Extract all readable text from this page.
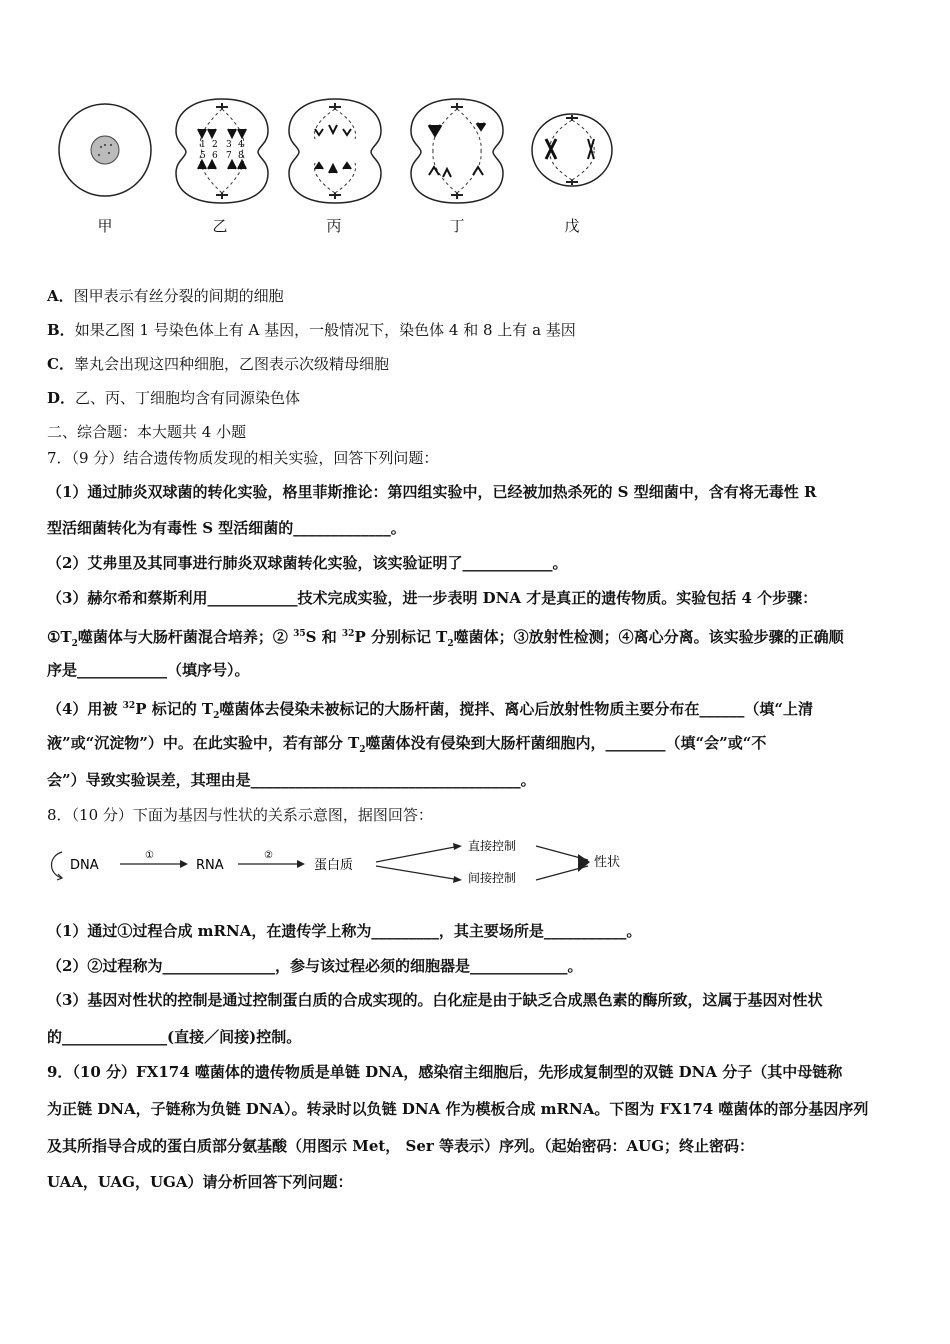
1 2 3 4
5 6 7 8
甲	乙	丙	丁	戊
A．图甲表示有丝分裂的间期的细胞
B．如果乙图 1 号染色体上有 A 基因，一般情况下，染色体 4 和 8 上有 a 基因
C．睾丸会出现这四种细胞，乙图表示次级精母细胞
D．乙、丙、丁细胞均含有同源染色体
二、综合题：本大题共 4 小题
7．（9 分）结合遗传物质发现的相关实验，回答下列问题：
（1）通过肺炎双球菌的转化实验，格里菲斯推论：第四组实验中，已经被加热杀死的 S 型细菌中，含有将无毒性 R
型活细菌转化为有毒性 S 型活细菌的_____________。
（2）艾弗里及其同事进行肺炎双球菌转化实验，该实验证明了____________。
（3）赫尔希和蔡斯利用____________技术完成实验，进一步表明 DNA 才是真正的遗传物质。实验包括 4 个步骤：
$①T_2$噬菌体与大肠杆菌混合培养；② $^{35}$S 和 $^{32}$P 分别标记 $T_2$噬菌体；③放射性检测；④离心分离。该实验步骤的正确顺
序是____________（填序号）。
（4）用被 $^{32}$P 标记的 $T_2$噬菌体去侵染未被标记的大肠杆菌，搅拌、离心后放射性物质主要分布在______（填“上清
液”或“沉淀物”）中。在此实验中，若有部分 $T_2$噬菌体没有侵染到大肠杆菌细胞内，________（填“会”或“不
会”）导致实验误差，其理由是____________________________________。
8．（10 分）下面为基因与性状的关系示意图，据图回答：
DNA
①
RNA
②
蛋白质
直接控制
间接控制
性状
（1）通过①过程合成 mRNA，在遗传学上称为_________，其主要场所是___________。
（2）②过程称为_______________，参与该过程必须的细胞器是_____________。
（3）基因对性状的控制是通过控制蛋白质的合成实现的。白化症是由于缺乏合成黑色素的酶所致，这属于基因对性状
的______________(直接／间接)控制。
9．（10 分）FX174 噬菌体的遗传物质是单链 DNA，感染宿主细胞后，先形成复制型的双链 DNA 分子（其中母链称
为正链 DNA，子链称为负链 DNA）。转录时以负链 DNA 作为模板合成 mRNA。下图为 FX174 噬菌体的部分基因序列
及其所指导合成的蛋白质部分氨基酸（用图示 Met， Ser 等表示）序列。（起始密码：AUG；终止密码：
UAA，UAG，UGA）请分析回答下列问题：
